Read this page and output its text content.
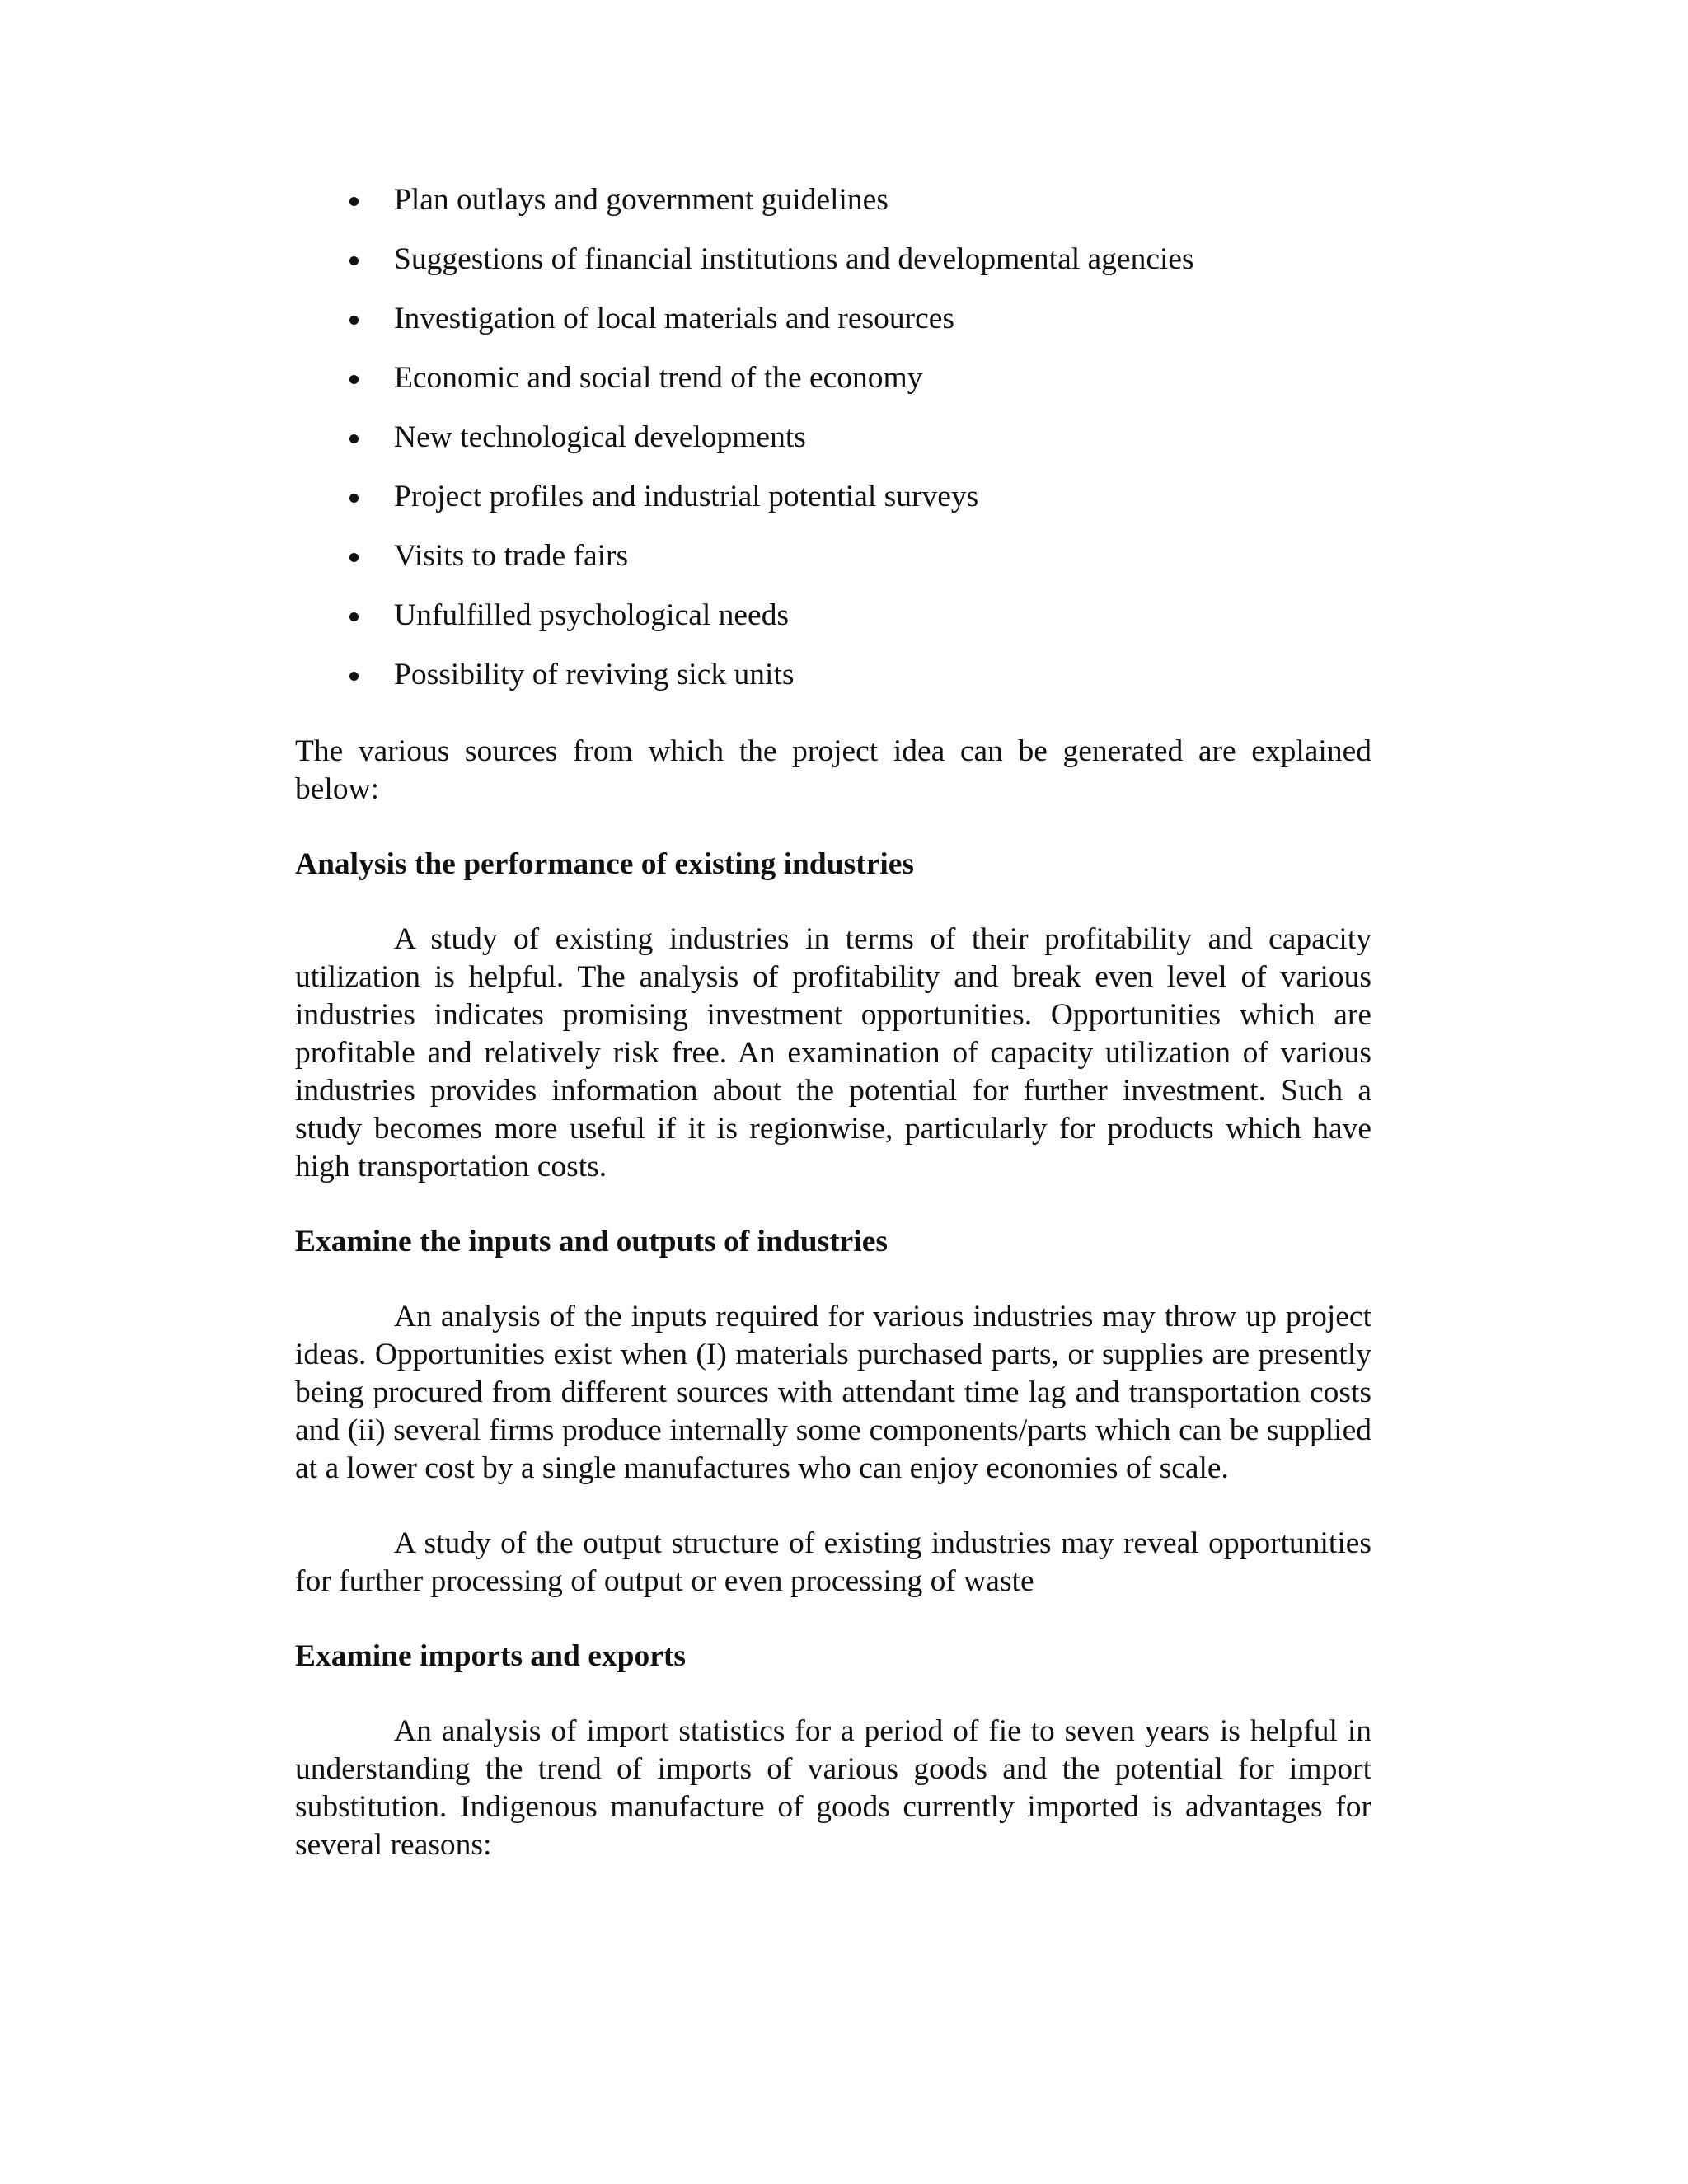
Plan outlays and government guidelines
Suggestions of financial institutions and developmental agencies
Investigation of local materials and resources
Economic and social trend of the economy
New technological developments
Project profiles and industrial potential surveys
Visits to trade fairs
Unfulfilled psychological needs
Possibility of reviving sick units

The various sources from which the project idea can be generated are explained below:

Analysis the performance of existing industries

A study of existing industries in terms of their profitability and capacity utilization is helpful. The analysis of profitability and break even level of various industries indicates promising investment opportunities. Opportunities which are profitable and relatively risk free. An examination of capacity utilization of various industries provides information about the potential for further investment. Such a study becomes more useful if it is regionwise, particularly for products which have high transportation costs.

Examine the inputs and outputs of industries

An analysis of the inputs required for various industries may throw up project ideas. Opportunities exist when (I) materials purchased parts, or supplies are presently being procured from different sources with attendant time lag and transportation costs and (ii) several firms produce internally some components/parts which can be supplied at a lower cost by a single manufactures who can enjoy economies of scale.

A study of the output structure of existing industries may reveal opportunities for further processing of output or even processing of waste

Examine imports and exports

An analysis of import statistics for a period of fie to seven years is helpful in understanding the trend of imports of various goods and the potential for import substitution. Indigenous manufacture of goods currently imported is advantages for several reasons:
